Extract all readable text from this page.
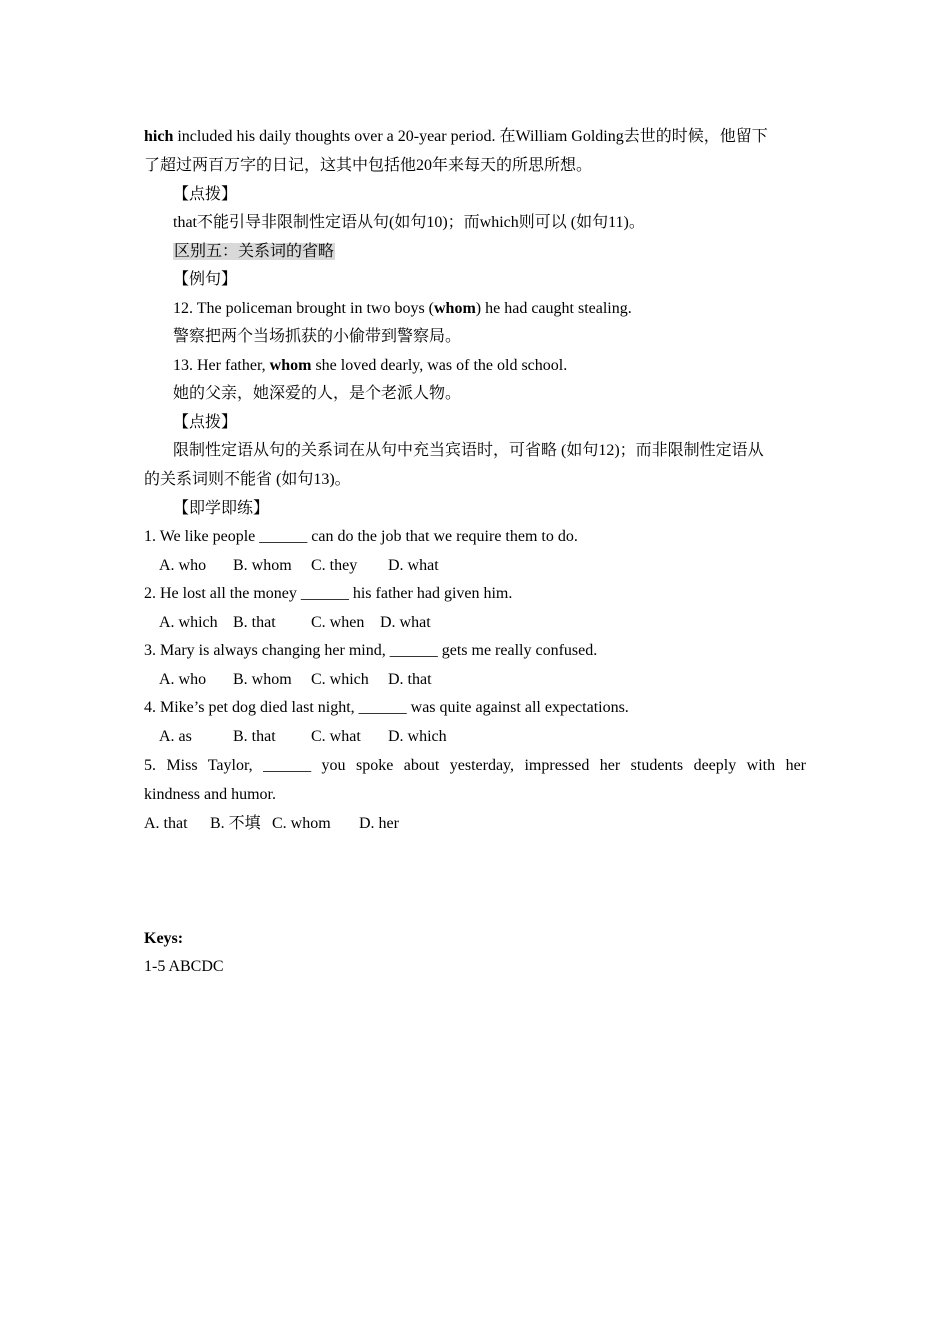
hich included his daily thoughts over a 20-year period. 在William Golding去世的时候，他留下
了超过两百万字的日记，这其中包括他20年来每天的所思所想。
【点拨】
that不能引导非限制性定语从句(如句10)；而which则可以 (如句11)。
区别五：关系词的省略
【例句】
12. The policeman brought in two boys (whom) he had caught stealing.
警察把两个当场抓获的小偷带到警察局。
13. Her father, whom she loved dearly, was of the old school.
她的父亲，她深爱的人，是个老派人物。
【点拨】
限制性定语从句的关系词在从句中充当宾语时，可省略 (如句12)；而非限制性定语从
的关系词则不能省 (如句13)。
【即学即练】
1. We like people ______ can do the job that we require them to do.
A. who B. whom C. they D. what
2. He lost all the money ______ his father had given him.
A. which B. that C. when D. what
3. Mary is always changing her mind, ______ gets me really confused.
A. who B. whom C. which D. that
4. Mike’s pet dog died last night, ______ was quite against all expectations.
A. as	B. that C. what D. which
5. Miss Taylor, ______ you spoke about yesterday, impressed her students deeply with her
kindness and humor.
A. that B. 不填 C. whom D. her
Keys:
1-5 ABCDC
